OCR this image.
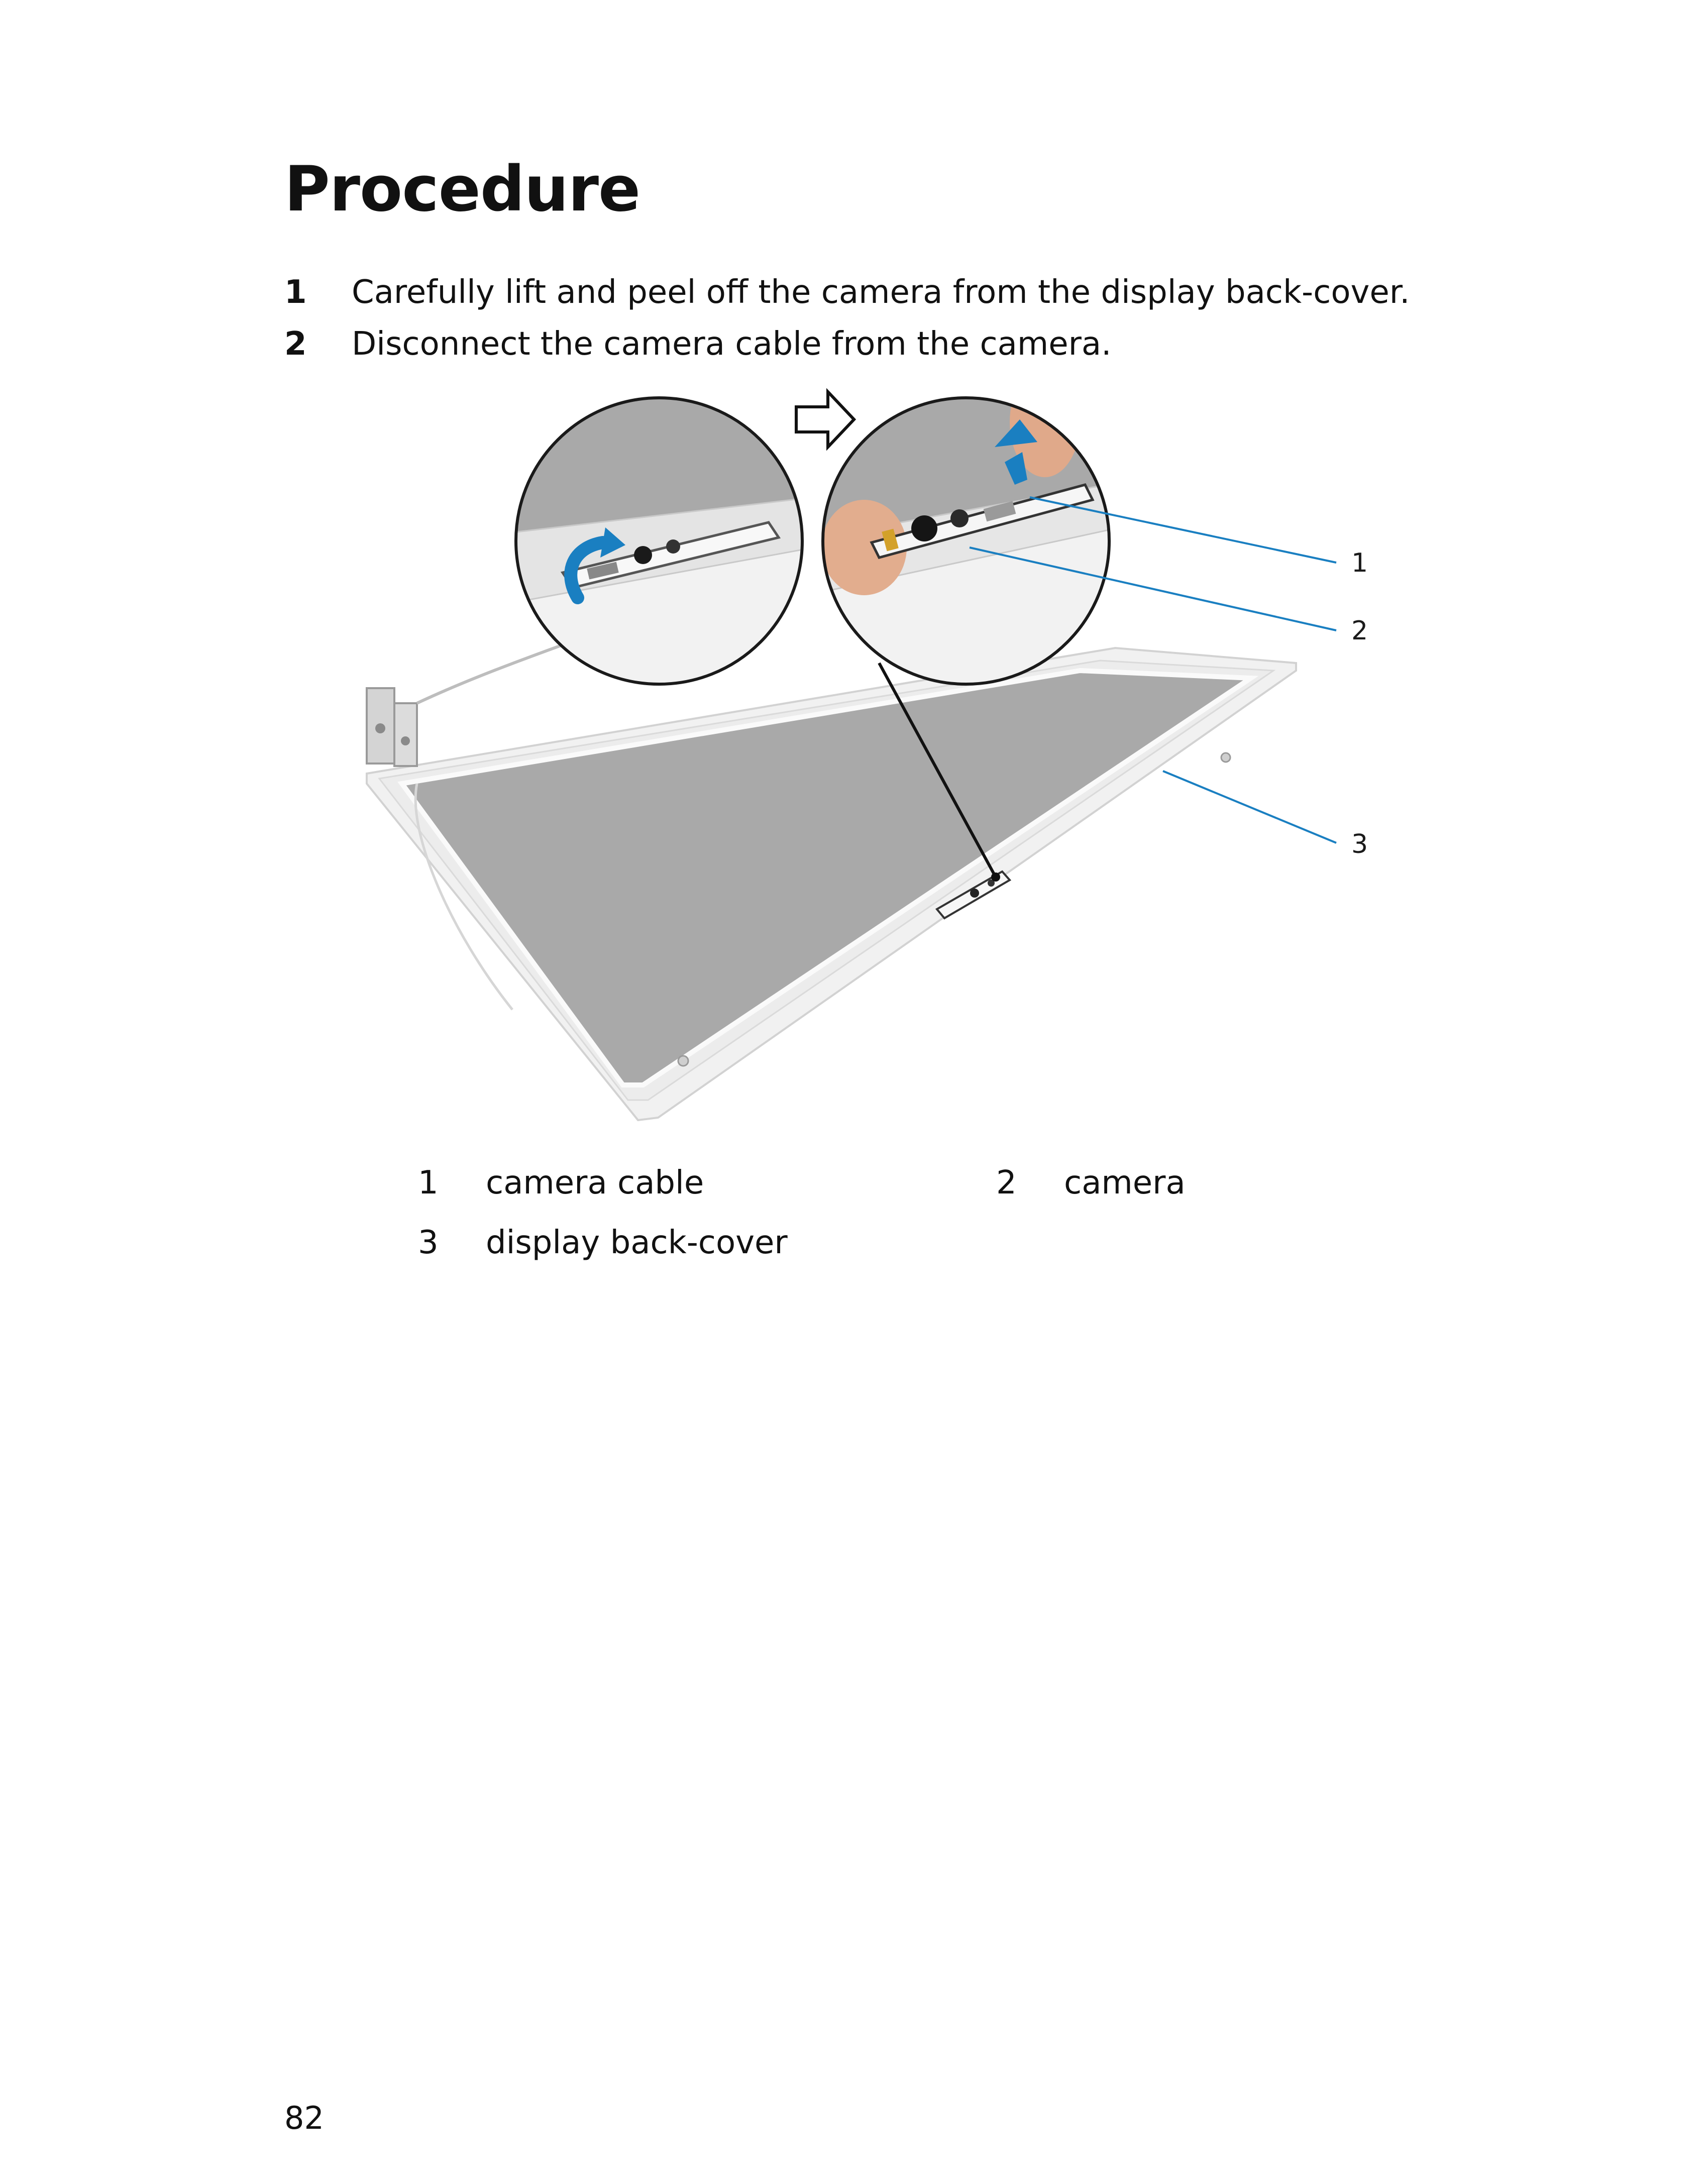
Procedure
1 Carefully lift and peel off the camera from the display back-cover.
2 Disconnect the camera cable from the camera.
1
2
3
1 camera cable	2 camera
3 display back-cover
82
